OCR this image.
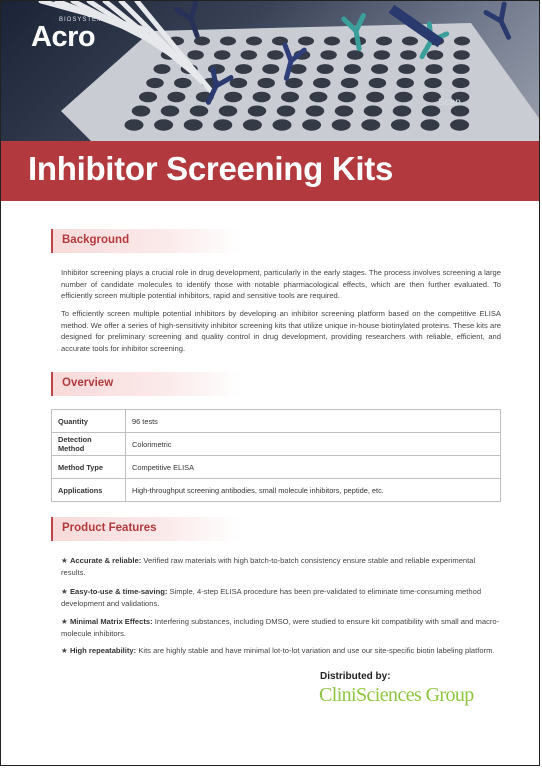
BIOSYSTEMS
Acro
Scan
Inhibitor Screening Kits
Background

Inhibitor screening plays a crucial role in drug development, particularly in the early stages. The process involves screening a large number of candidate molecules to identify those with notable pharmacological effects, which are then further evaluated. To efficiently screen multiple potential inhibitors, rapid and sensitive tools are required.

To efficiently screen multiple potential inhibitors by developing an inhibitor screening platform based on the competitive ELISA method. We offer a series of high-sensitivity inhibitor screening kits that utilize unique in-house biotinylated proteins. These kits are designed for preliminary screening and quality control in drug development, providing researchers with reliable, efficient, and accurate tools for inhibitor screening.

Overview
Quantity	96 tests
Detection Method	Colorimetric
Method Type	Competitive ELISA
Applications	High-throughput screening antibodies, small molecule inhibitors, peptide, etc.
Product Features

★ Accurate & reliable: Verified raw materials with high batch-to-batch consistency ensure stable and reliable experimental results.

★ Easy-to-use & time-saving: Simple, 4-step ELISA procedure has been pre-validated to eliminate time-consuming method development and validations.

★ Minimal Matrix Effects: Interfering substances, including DMSO, were studied to ensure kit compatibility with small and macro-molecule inhibitors.

★ High repeatability: Kits are highly stable and have minimal lot-to-lot variation and use our site-specific biotin labeling platform.

Distributed by:
CliniSciences Group
